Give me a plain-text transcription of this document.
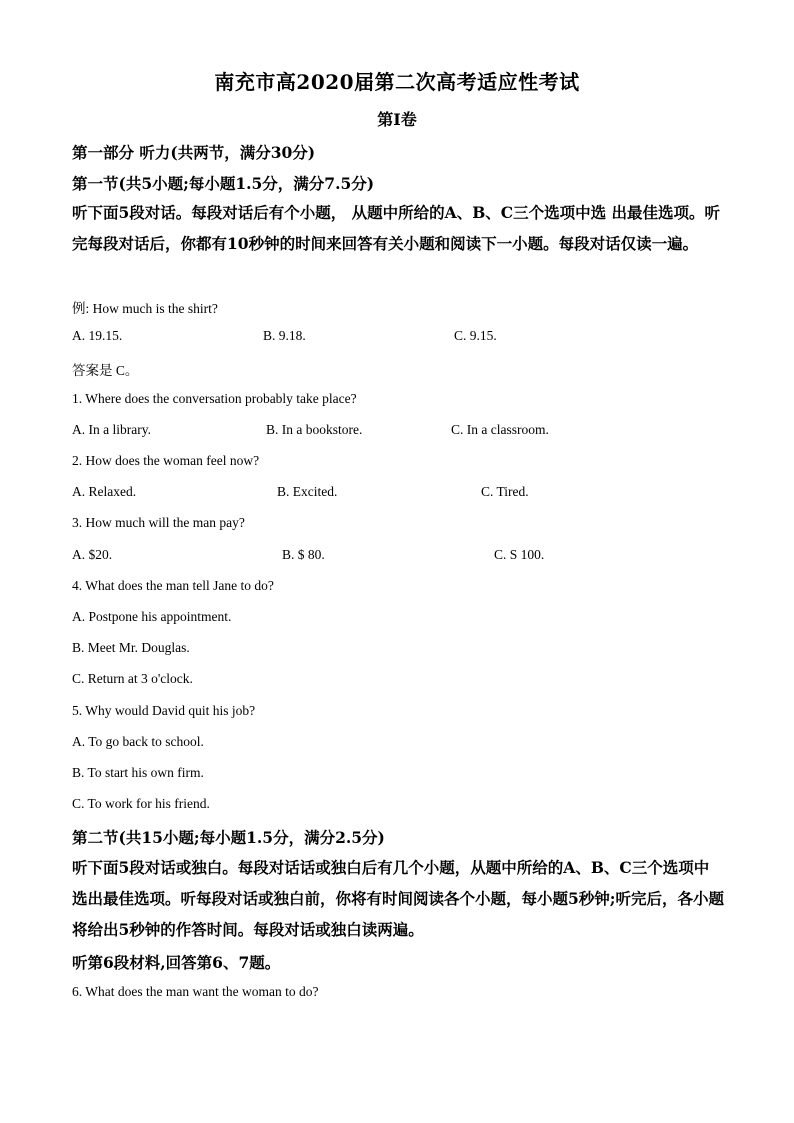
南充市高2020届第二次高考适应性考试
第I卷
第一部分 听力(共两节，满分30分)
第一节(共5小题;每小题1.5分，满分7.5分)
听下面5段对话。每段对话后有个小题， 从题中所给的A、B、C三个选项中选 出最佳选项。听完每段对话后，你都有10秒钟的时间来回答有关小题和阅读下一小题。每段对话仅读一遍。
例: How much is the shirt?
A. 19.15.	B. 9.18.	C. 9.15.
答案是 C。
1. Where does the conversation probably take place?
A. In a library.	B. In a bookstore.	C. In a classroom.
2. How does the woman feel now?
A. Relaxed.	B. Excited.	C. Tired.
3. How much will the man pay?
A. $20.	B. $ 80.	C. S 100.
4. What does the man tell Jane to do?
A. Postpone his appointment.
B. Meet Mr. Douglas.
C. Return at 3 o'clock.
5. Why would David quit his job?
A. To go back to school.
B. To start his own firm.
C. To work for his friend.
第二节(共15小题;每小题1.5分，满分2.5分)
听下面5段对话或独白。每段对话话或独白后有几个小题，从题中所给的A、B、C三个选项中选出最佳选项。听每段对话或独白前，你将有时间阅读各个小题，每小题5秒钟;听完后，各小题将给出5秒钟的作答时间。每段对话或独白读两遍。
听第6段材料,回答第6、7题。
6. What does the man want the woman to do?
